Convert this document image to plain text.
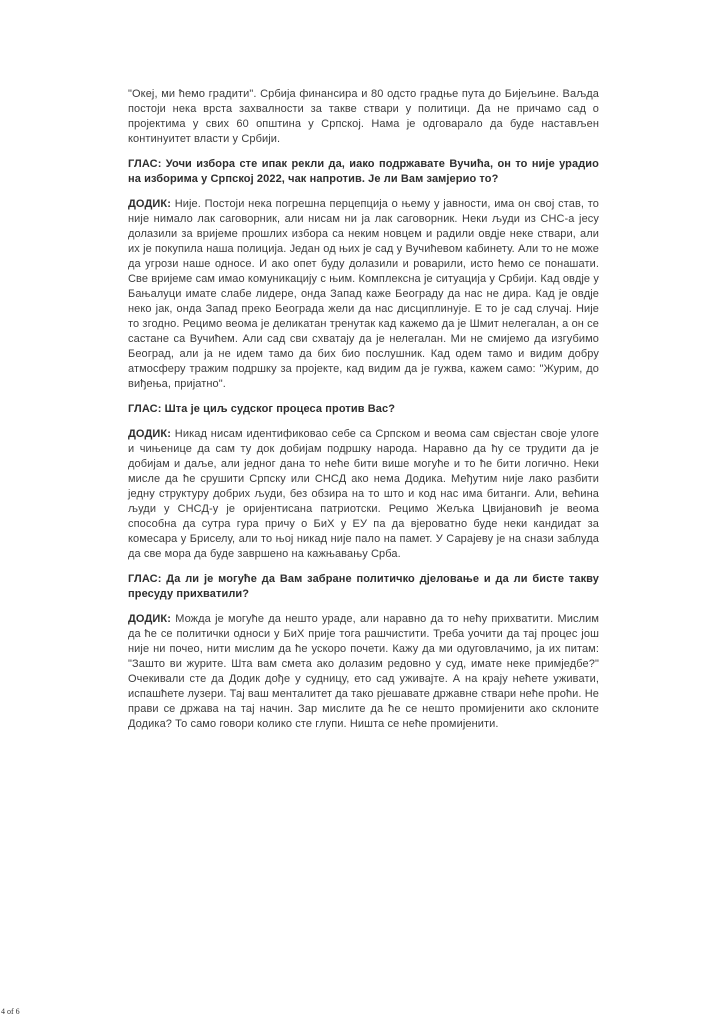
"Океј, ми ћемо градити". Србија финансира и 80 одсто градње пута до Бијељине. Ваљда постоји нека врста захвалности за такве ствари у политици. Да не причамо сад о пројектима у свих 60 општина у Српској. Нама је одговарало да буде настављен континуитет власти у Србији.

ГЛАС: Уочи избора сте ипак рекли да, иако подржавате Вучића, он то није урадио на изборима у Српској 2022, чак напротив. Је ли Вам замјерио то?

ДОДИК: Није. Постоји нека погрешна перцепција о њему у јавности, има он свој став, то није нимало лак саговорник, али нисам ни ја лак саговорник. Неки људи из СНС-а јесу долазили за вријеме прошлих избора са неким новцем и радили овдје неке ствари, али их је покупила наша полиција. Један од њих је сад у Вучићевом кабинету. Али то не може да угрози наше односе. И ако опет буду долазили и роварили, исто ћемо се понашати. Све вријеме сам имао комуникацију с њим. Комплексна је ситуација у Србији. Кад овдје у Бањалуци имате слабе лидере, онда Запад каже Београду да нас не дира. Кад је овдје неко јак, онда Запад преко Београда жели да нас дисциплинује. Е то је сад случај. Није то згодно. Рецимо веома је деликатан тренутак кад кажемо да је Шмит нелегалан, а он се састане са Вучићем. Али сад сви схватају да је нелегалан. Ми не смијемо да изгубимо Београд, али ја не идем тамо да бих био послушник. Кад одем тамо и видим добру атмосферу тражим подршку за пројекте, кад видим да је гужва, кажем само: "Журим, до виђења, пријатно".

ГЛАС: Шта је циљ судског процеса против Вас?

ДОДИК: Никад нисам идентификовао себе са Српском и веома сам свјестан своје улоге и чињенице да сам ту док добијам подршку народа. Наравно да ћу се трудити да је добијам и даље, али једног дана то неће бити више могуће и то ће бити логично. Неки мисле да ће срушити Српску или СНСД ако нема Додика. Међутим није лако разбити једну структуру добрих људи, без обзира на то што и код нас има битанги. Али, већина људи у СНСД-у је оријентисана патриотски. Рецимо Жељка Цвијановић је веома способна да сутра гура причу о БиХ у ЕУ па да вјероватно буде неки кандидат за комесара у Бриселу, али то њој никад није пало на памет. У Сарајеву је на снази заблуда да све мора да буде завршено на кажњавању Срба.

ГЛАС: Да ли је могуће да Вам забране политичко дјеловање и да ли бисте такву пресуду прихватили?

ДОДИК: Можда је могуће да нешто ураде, али наравно да то нећу прихватити. Мислим да ће се политички односи у БиХ прије тога рашчистити. Треба уочити да тај процес још није ни почео, нити мислим да ће ускоро почети. Кажу да ми одуговлачимо, ја их питам: "Зашто ви журите. Шта вам смета ако долазим редовно у суд, имате неке примједбе?" Очекивали сте да Додик дође у судницу, ето сад уживајте. А на крају нећете уживати, испашћете лузери. Тај ваш менталитет да тако рјешавате државне ствари неће проћи. Не прави се држава на тај начин. Зар мислите да ће се нешто промијенити ако склоните Додика? То само говори колико сте глупи. Ништа се неће промијенити.

4 of 6
